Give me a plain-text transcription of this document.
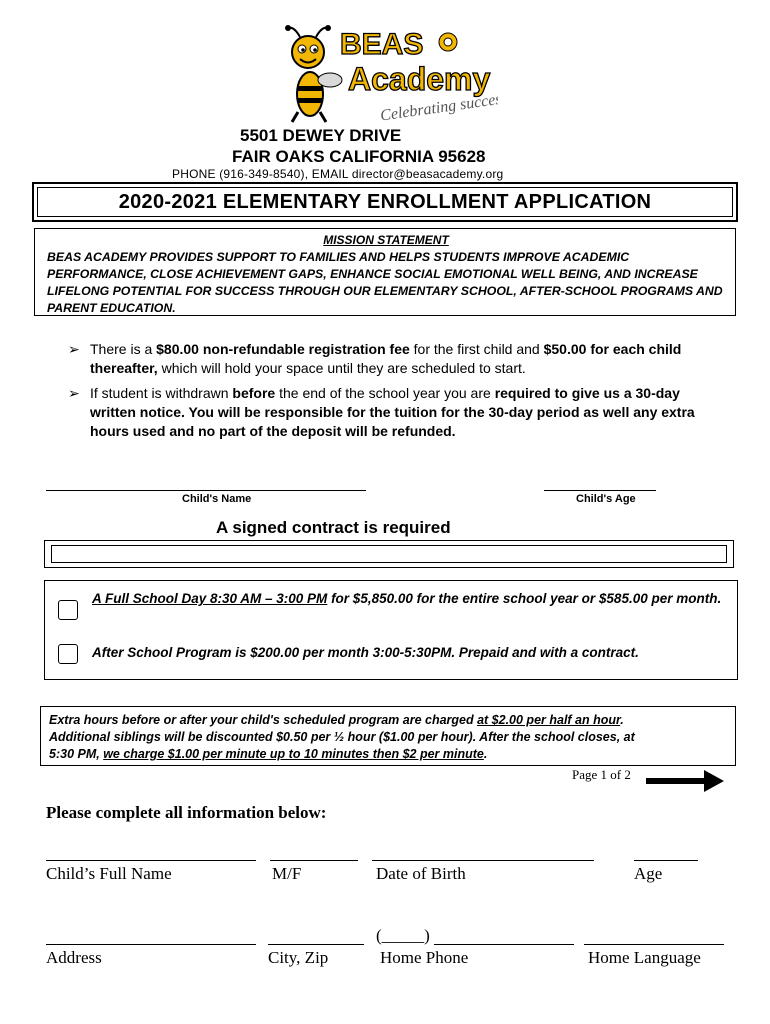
BEAS
Academy
Celebrating success
5501 DEWEY DRIVE
FAIR OAKS CALIFORNIA 95628
PHONE (916-349-8540), EMAIL director@beasacademy.org
2020-2021 ELEMENTARY ENROLLMENT APPLICATION
MISSION STATEMENT
BEAS ACADEMY PROVIDES SUPPORT TO FAMILIES AND HELPS STUDENTS IMPROVE ACADEMIC PERFORMANCE, CLOSE ACHIEVEMENT GAPS, ENHANCE SOCIAL EMOTIONAL WELL BEING, AND INCREASE LIFELONG POTENTIAL FOR SUCCESS THROUGH OUR ELEMENTARY SCHOOL, AFTER-SCHOOL PROGRAMS AND PARENT EDUCATION.
➢ There is a $80.00 non-refundable registration fee for the first child and $50.00 for each child thereafter, which will hold your space until they are scheduled to start.
➢ If student is withdrawn before the end of the school year you are required to give us a 30-day written notice. You will be responsible for the tuition for the 30-day period as well any extra hours used and no part of the deposit will be refunded.
Child's Name	Child's Age
A signed contract is required
A Full School Day 8:30 AM – 3:00 PM for $5,850.00 for the entire school year or $585.00 per month.
After School Program is $200.00 per month 3:00-5:30PM. Prepaid and with a contract.
Extra hours before or after your child's scheduled program are charged at $2.00 per half an hour.
Additional siblings will be discounted $0.50 per ½ hour ($1.00 per hour). After the school closes, at
5:30 PM, we charge $1.00 per minute up to 10 minutes then $2 per minute.
Page 1 of 2
Please complete all information below:
Child’s Full Name	M/F	Date of Birth	Age
(_____)
Address	City, Zip	Home Phone	Home Language
